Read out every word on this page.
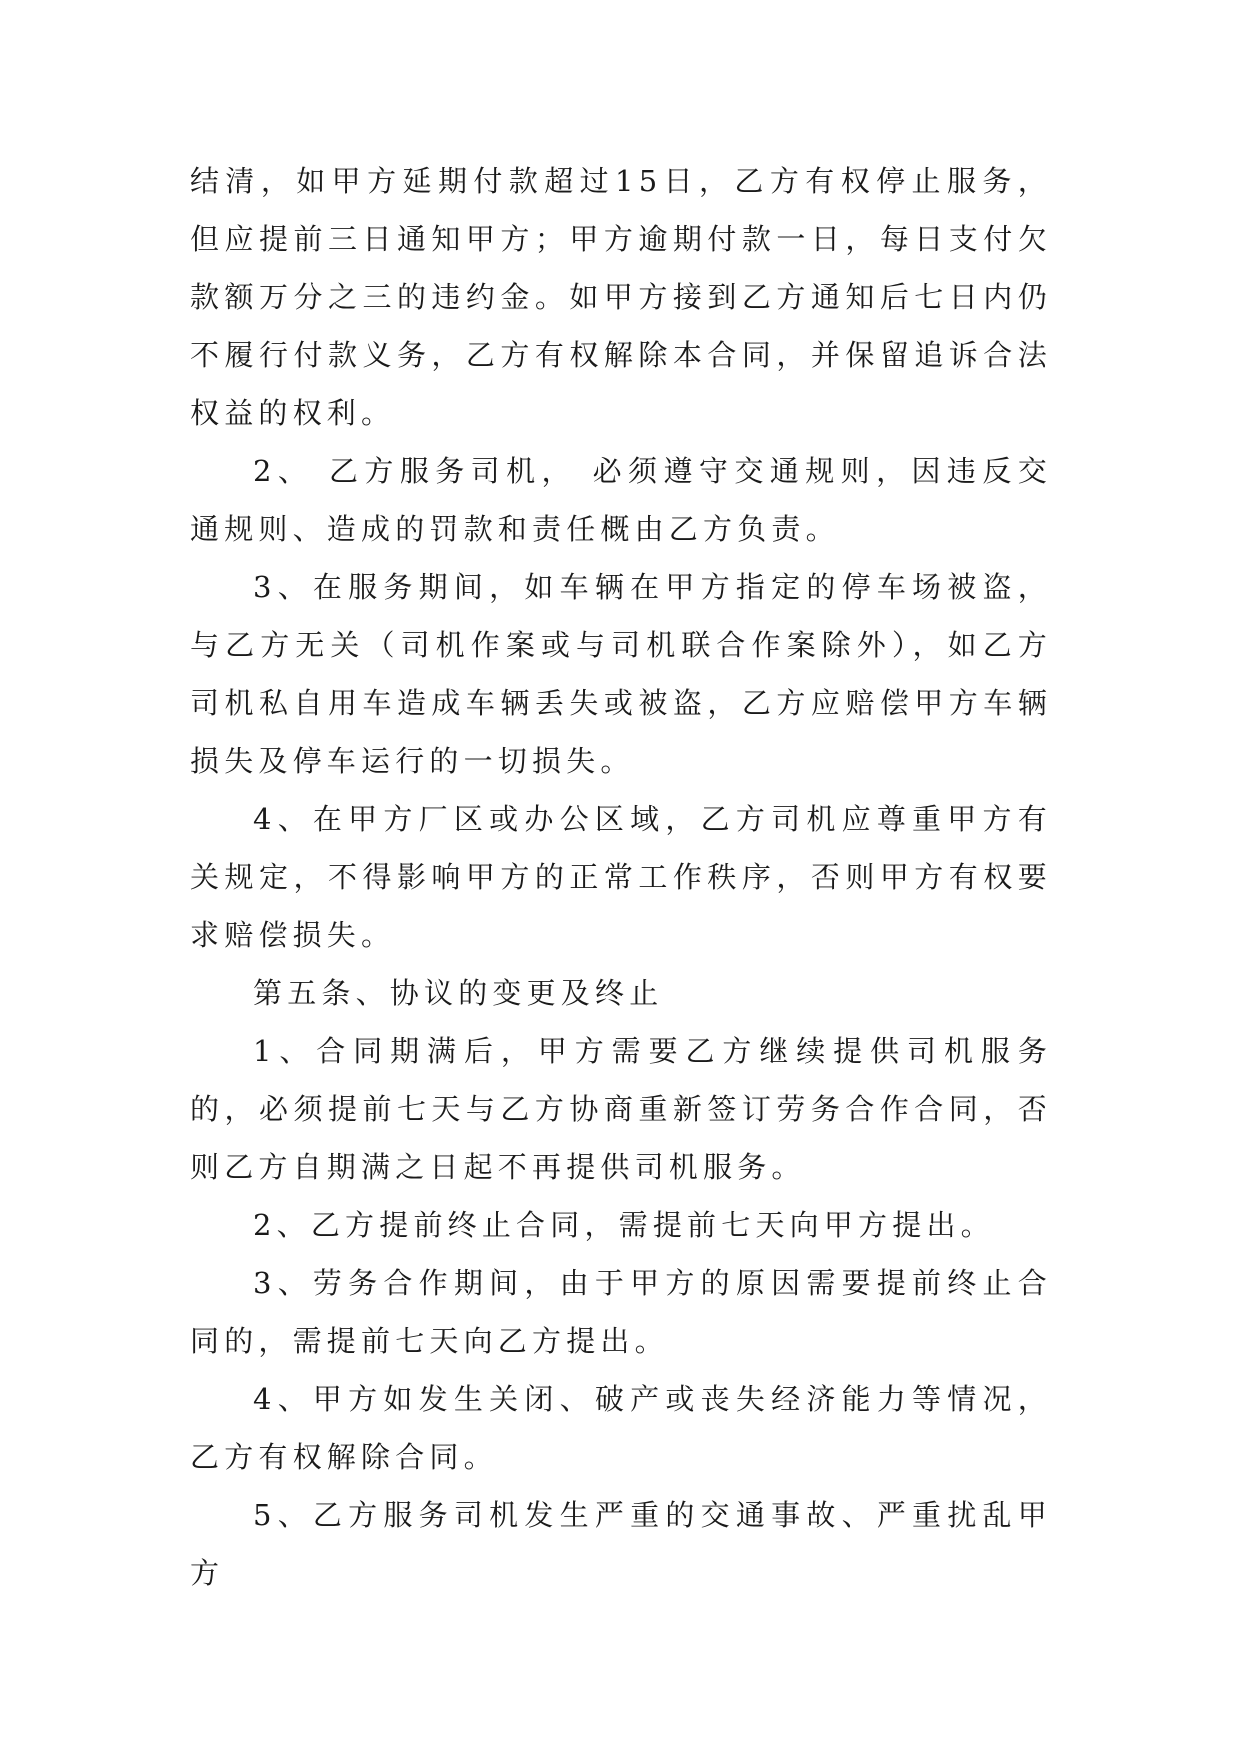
结清，如甲方延期付款超过15日，乙方有权停止服务，但应提前三日通知甲方；甲方逾期付款一日，每日支付欠款额万分之三的违约金。如甲方接到乙方通知后七日内仍不履行付款义务，乙方有权解除本合同，并保留追诉合法权益的权利。

2、 乙方服务司机， 必须遵守交通规则，因违反交通规则、造成的罚款和责任概由乙方负责。

3、在服务期间，如车辆在甲方指定的停车场被盗，与乙方无关（司机作案或与司机联合作案除外），如乙方司机私自用车造成车辆丢失或被盗，乙方应赔偿甲方车辆损失及停车运行的一切损失。

4、在甲方厂区或办公区域，乙方司机应尊重甲方有关规定，不得影响甲方的正常工作秩序，否则甲方有权要求赔偿损失。

第五条、协议的变更及终止

1、合同期满后，甲方需要乙方继续提供司机服务的，必须提前七天与乙方协商重新签订劳务合作合同，否则乙方自期满之日起不再提供司机服务。

2、乙方提前终止合同，需提前七天向甲方提出。

3、劳务合作期间，由于甲方的原因需要提前终止合同的，需提前七天向乙方提出。

4、甲方如发生关闭、破产或丧失经济能力等情况，乙方有权解除合同。

5、乙方服务司机发生严重的交通事故、严重扰乱甲方
